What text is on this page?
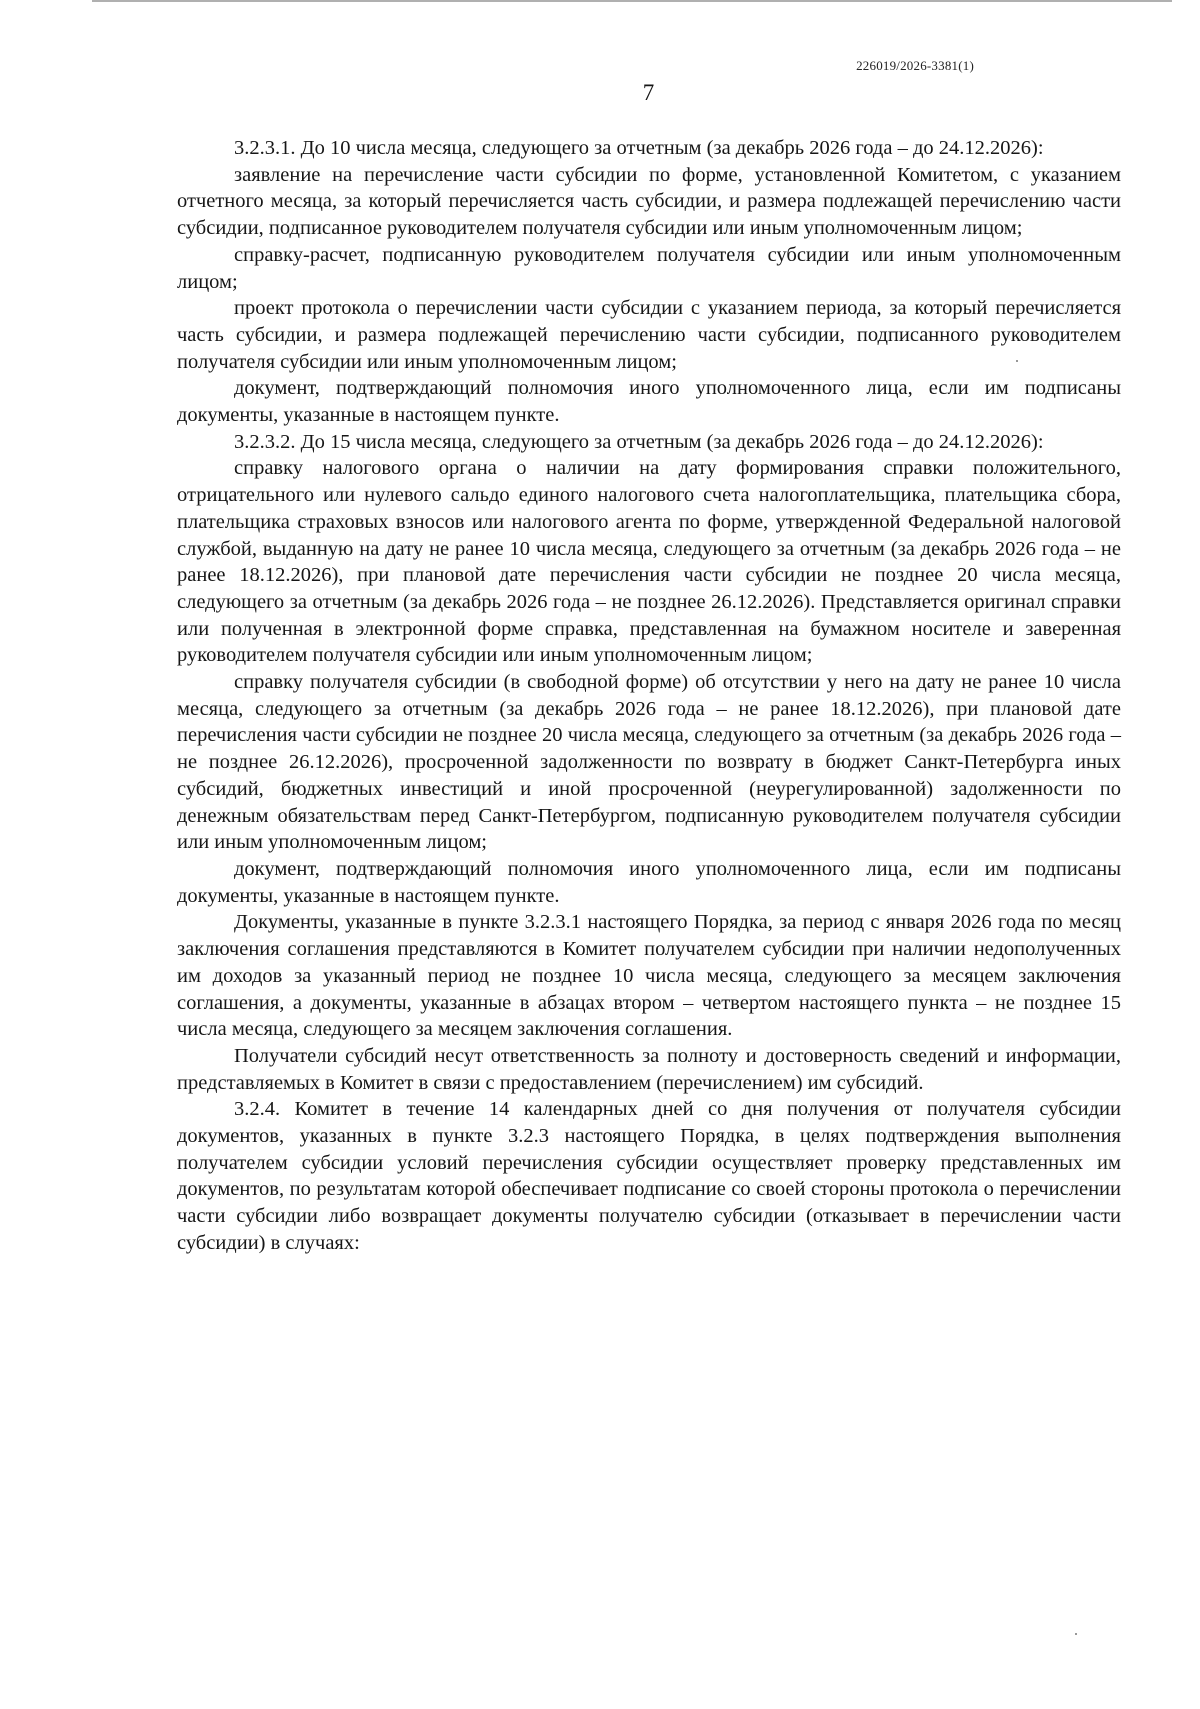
226019/2026-3381(1)
7

3.2.3.1. До 10 числа месяца, следующего за отчетным (за декабрь 2026 года – до 24.12.2026):

заявление на перечисление части субсидии по форме, установленной Комитетом, с указанием отчетного месяца, за который перечисляется часть субсидии, и размера подлежащей перечислению части субсидии, подписанное руководителем получателя субсидии или иным уполномоченным лицом;

справку-расчет, подписанную руководителем получателя субсидии или иным уполномоченным лицом;

проект протокола о перечислении части субсидии с указанием периода, за который перечисляется часть субсидии, и размера подлежащей перечислению части субсидии, подписанного руководителем получателя субсидии или иным уполномоченным лицом;

документ, подтверждающий полномочия иного уполномоченного лица, если им подписаны документы, указанные в настоящем пункте.

3.2.3.2. До 15 числа месяца, следующего за отчетным (за декабрь 2026 года – до 24.12.2026):

справку налогового органа о наличии на дату формирования справки положительного, отрицательного или нулевого сальдо единого налогового счета налогоплательщика, плательщика сбора, плательщика страховых взносов или налогового агента по форме, утвержденной Федеральной налоговой службой, выданную на дату не ранее 10 числа месяца, следующего за отчетным (за декабрь 2026 года – не ранее 18.12.2026), при плановой дате перечисления части субсидии не позднее 20 числа месяца, следующего за отчетным (за декабрь 2026 года – не позднее 26.12.2026). Представляется оригинал справки или полученная в электронной форме справка, представленная на бумажном носителе и заверенная руководителем получателя субсидии или иным уполномоченным лицом;

справку получателя субсидии (в свободной форме) об отсутствии у него на дату не ранее 10 числа месяца, следующего за отчетным (за декабрь 2026 года – не ранее 18.12.2026), при плановой дате перечисления части субсидии не позднее 20 числа месяца, следующего за отчетным (за декабрь 2026 года – не позднее 26.12.2026), просроченной задолженности по возврату в бюджет Санкт-Петербурга иных субсидий, бюджетных инвестиций и иной просроченной (неурегулированной) задолженности по денежным обязательствам перед Санкт-Петербургом, подписанную руководителем получателя субсидии или иным уполномоченным лицом;

документ, подтверждающий полномочия иного уполномоченного лица, если им подписаны документы, указанные в настоящем пункте.

Документы, указанные в пункте 3.2.3.1 настоящего Порядка, за период с января 2026 года по месяц заключения соглашения представляются в Комитет получателем субсидии при наличии недополученных им доходов за указанный период не позднее 10 числа месяца, следующего за месяцем заключения соглашения, а документы, указанные в абзацах втором – четвертом настоящего пункта – не позднее 15 числа месяца, следующего за месяцем заключения соглашения.

Получатели субсидий несут ответственность за полноту и достоверность сведений и информации, представляемых в Комитет в связи с предоставлением (перечислением) им субсидий.

3.2.4. Комитет в течение 14 календарных дней со дня получения от получателя субсидии документов, указанных в пункте 3.2.3 настоящего Порядка, в целях подтверждения выполнения получателем субсидии условий перечисления субсидии осуществляет проверку представленных им документов, по результатам которой обеспечивает подписание со своей стороны протокола о перечислении части субсидии либо возвращает документы получателю субсидии (отказывает в перечислении части субсидии) в случаях:
